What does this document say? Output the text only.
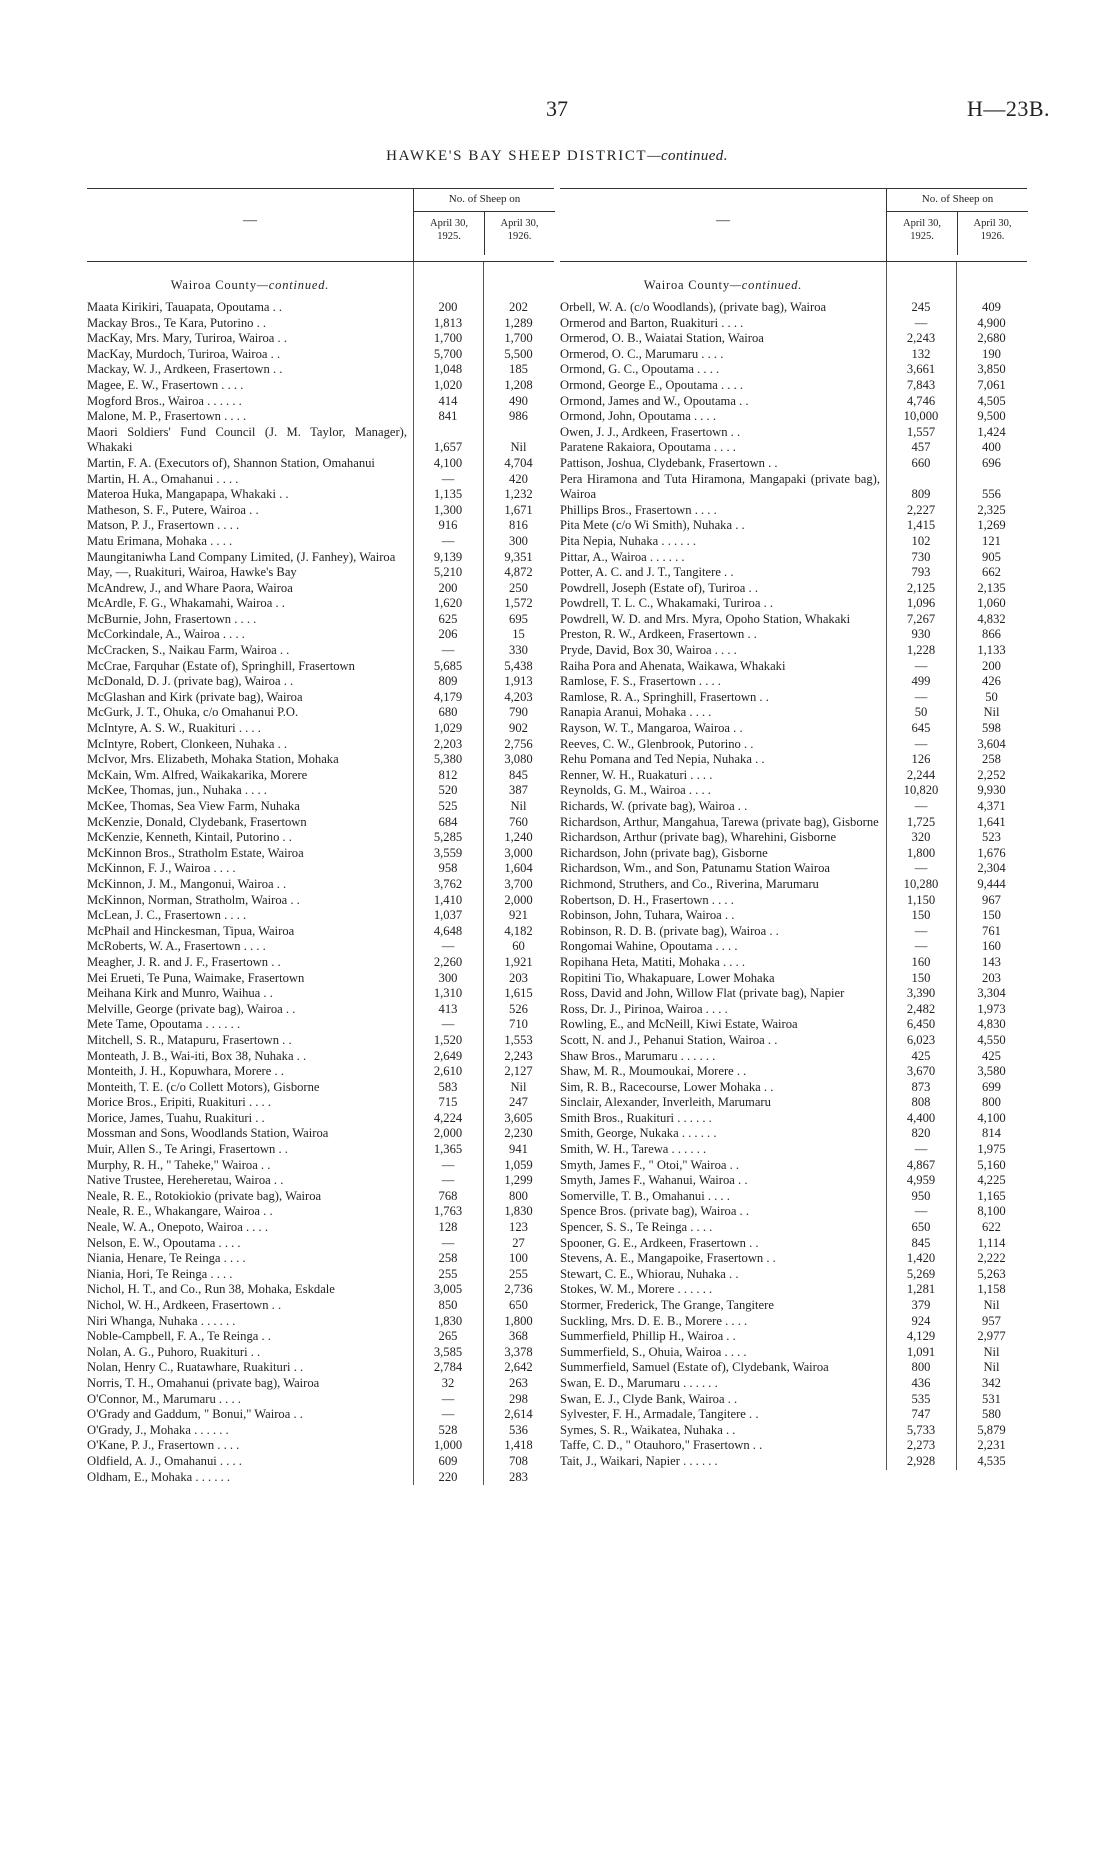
37	H—23B.
HAWKE'S BAY SHEEP DISTRICT—continued.
—
No. of Sheep on
April 30,
1925.
April 30,
1926.
Wairoa County—continued.
Maata Kirikiri, Tauapata, Opoutama . .	200	202
Mackay Bros., Te Kara, Putorino . .	1,813	1,289
MacKay, Mrs. Mary, Turiroa, Wairoa . .	1,700	1,700
MacKay, Murdoch, Turiroa, Wairoa . .	5,700	5,500
Mackay, W. J., Ardkeen, Frasertown . .	1,048	185
Magee, E. W., Frasertown . . . .	1,020	1,208
Mogford Bros., Wairoa . . . . . .	414	490
Malone, M. P., Frasertown . . . .	841	986
Maori Soldiers' Fund Council (J. M. Taylor, Manager), Whakaki	1,657	Nil
Martin, F. A. (Executors of), Shannon Station, Omahanui	4,100	4,704
Martin, H. A., Omahanui . . . .	—	420
Materoa Huka, Mangapapa, Whakaki . .	1,135	1,232
Matheson, S. F., Putere, Wairoa . .	1,300	1,671
Matson, P. J., Frasertown . . . .	916	816
Matu Erimana, Mohaka . . . .	—	300
Maungitaniwha Land Company Limited, (J. Fanhey), Wairoa	9,139	9,351
May, —, Ruakituri, Wairoa, Hawke's Bay	5,210	4,872
McAndrew, J., and Whare Paora, Wairoa	200	250
McArdle, F. G., Whakamahi, Wairoa . .	1,620	1,572
McBurnie, John, Frasertown . . . .	625	695
McCorkindale, A., Wairoa . . . .	206	15
McCracken, S., Naikau Farm, Wairoa . .	—	330
McCrae, Farquhar (Estate of), Springhill, Frasertown	5,685	5,438
McDonald, D. J. (private bag), Wairoa . .	809	1,913
McGlashan and Kirk (private bag), Wairoa	4,179	4,203
McGurk, J. T., Ohuka, c/o Omahanui P.O.	680	790
McIntyre, A. S. W., Ruakituri . . . .	1,029	902
McIntyre, Robert, Clonkeen, Nuhaka . .	2,203	2,756
McIvor, Mrs. Elizabeth, Mohaka Station, Mohaka	5,380	3,080
McKain, Wm. Alfred, Waikakarika, Morere	812	845
McKee, Thomas, jun., Nuhaka . . . .	520	387
McKee, Thomas, Sea View Farm, Nuhaka	525	Nil
McKenzie, Donald, Clydebank, Frasertown	684	760
McKenzie, Kenneth, Kintail, Putorino . .	5,285	1,240
McKinnon Bros., Stratholm Estate, Wairoa	3,559	3,000
McKinnon, F. J., Wairoa . . . .	958	1,604
McKinnon, J. M., Mangonui, Wairoa . .	3,762	3,700
McKinnon, Norman, Stratholm, Wairoa . .	1,410	2,000
McLean, J. C., Frasertown . . . .	1,037	921
McPhail and Hinckesman, Tipua, Wairoa	4,648	4,182
McRoberts, W. A., Frasertown . . . .	—	60
Meagher, J. R. and J. F., Frasertown . .	2,260	1,921
Mei Erueti, Te Puna, Waimake, Frasertown	300	203
Meihana Kirk and Munro, Waihua . .	1,310	1,615
Melville, George (private bag), Wairoa . .	413	526
Mete Tame, Opoutama . . . . . .	—	710
Mitchell, S. R., Matapuru, Frasertown . .	1,520	1,553
Monteath, J. B., Wai-iti, Box 38, Nuhaka . .	2,649	2,243
Monteith, J. H., Kopuwhara, Morere . .	2,610	2,127
Monteith, T. E. (c/o Collett Motors), Gisborne	583	Nil
Morice Bros., Eripiti, Ruakituri . . . .	715	247
Morice, James, Tuahu, Ruakituri . .	4,224	3,605
Mossman and Sons, Woodlands Station, Wairoa	2,000	2,230
Muir, Allen S., Te Aringi, Frasertown . .	1,365	941
Murphy, R. H., " Taheke," Wairoa . .	—	1,059
Native Trustee, Hereheretau, Wairoa . .	—	1,299
Neale, R. E., Rotokiokio (private bag), Wairoa	768	800
Neale, R. E., Whakangare, Wairoa . .	1,763	1,830
Neale, W. A., Onepoto, Wairoa . . . .	128	123
Nelson, E. W., Opoutama . . . .	—	27
Niania, Henare, Te Reinga . . . .	258	100
Niania, Hori, Te Reinga . . . .	255	255
Nichol, H. T., and Co., Run 38, Mohaka, Eskdale	3,005	2,736
Nichol, W. H., Ardkeen, Frasertown . .	850	650
Niri Whanga, Nuhaka . . . . . .	1,830	1,800
Noble-Campbell, F. A., Te Reinga . .	265	368
Nolan, A. G., Puhoro, Ruakituri . .	3,585	3,378
Nolan, Henry C., Ruatawhare, Ruakituri . .	2,784	2,642
Norris, T. H., Omahanui (private bag), Wairoa	32	263
O'Connor, M., Marumaru . . . .	—	298
O'Grady and Gaddum, " Bonui," Wairoa . .	—	2,614
O'Grady, J., Mohaka . . . . . .	528	536
O'Kane, P. J., Frasertown . . . .	1,000	1,418
Oldfield, A. J., Omahanui . . . .	609	708
Oldham, E., Mohaka . . . . . .	220	283
—
No. of Sheep on
April 30,
1925.
April 30,
1926.
Wairoa County—continued.
Orbell, W. A. (c/o Woodlands), (private bag), Wairoa	245	409
Ormerod and Barton, Ruakituri . . . .	—	4,900
Ormerod, O. B., Waiatai Station, Wairoa	2,243	2,680
Ormerod, O. C., Marumaru . . . .	132	190
Ormond, G. C., Opoutama . . . .	3,661	3,850
Ormond, George E., Opoutama . . . .	7,843	7,061
Ormond, James and W., Opoutama . .	4,746	4,505
Ormond, John, Opoutama . . . .	10,000	9,500
Owen, J. J., Ardkeen, Frasertown . .	1,557	1,424
Paratene Rakaiora, Opoutama . . . .	457	400
Pattison, Joshua, Clydebank, Frasertown . .	660	696
Pera Hiramona and Tuta Hiramona, Mangapaki (private bag), Wairoa	809	556
Phillips Bros., Frasertown . . . .	2,227	2,325
Pita Mete (c/o Wi Smith), Nuhaka . .	1,415	1,269
Pita Nepia, Nuhaka . . . . . .	102	121
Pittar, A., Wairoa . . . . . .	730	905
Potter, A. C. and J. T., Tangitere . .	793	662
Powdrell, Joseph (Estate of), Turiroa . .	2,125	2,135
Powdrell, T. L. C., Whakamaki, Turiroa . .	1,096	1,060
Powdrell, W. D. and Mrs. Myra, Opoho Station, Whakaki	7,267	4,832
Preston, R. W., Ardkeen, Frasertown . .	930	866
Pryde, David, Box 30, Wairoa . . . .	1,228	1,133
Raiha Pora and Ahenata, Waikawa, Whakaki	—	200
Ramlose, F. S., Frasertown . . . .	499	426
Ramlose, R. A., Springhill, Frasertown . .	—	50
Ranapia Aranui, Mohaka . . . .	50	Nil
Rayson, W. T., Mangaroa, Wairoa . .	645	598
Reeves, C. W., Glenbrook, Putorino . .	—	3,604
Rehu Pomana and Ted Nepia, Nuhaka . .	126	258
Renner, W. H., Ruakaturi . . . .	2,244	2,252
Reynolds, G. M., Wairoa . . . .	10,820	9,930
Richards, W. (private bag), Wairoa . .	—	4,371
Richardson, Arthur, Mangahua, Tarewa (private bag), Gisborne	1,725	1,641
Richardson, Arthur (private bag), Wharehini, Gisborne	320	523
Richardson, John (private bag), Gisborne	1,800	1,676
Richardson, Wm., and Son, Patunamu Station Wairoa	—	2,304
Richmond, Struthers, and Co., Riverina, Marumaru	10,280	9,444
Robertson, D. H., Frasertown . . . .	1,150	967
Robinson, John, Tuhara, Wairoa . .	150	150
Robinson, R. D. B. (private bag), Wairoa . .	—	761
Rongomai Wahine, Opoutama . . . .	—	160
Ropihana Heta, Matiti, Mohaka . . . .	160	143
Ropitini Tio, Whakapuare, Lower Mohaka	150	203
Ross, David and John, Willow Flat (private bag), Napier	3,390	3,304
Ross, Dr. J., Pirinoa, Wairoa . . . .	2,482	1,973
Rowling, E., and McNeill, Kiwi Estate, Wairoa	6,450	4,830
Scott, N. and J., Pehanui Station, Wairoa . .	6,023	4,550
Shaw Bros., Marumaru . . . . . .	425	425
Shaw, M. R., Moumoukai, Morere . .	3,670	3,580
Sim, R. B., Racecourse, Lower Mohaka . .	873	699
Sinclair, Alexander, Inverleith, Marumaru	808	800
Smith Bros., Ruakituri . . . . . .	4,400	4,100
Smith, George, Nukaka . . . . . .	820	814
Smith, W. H., Tarewa . . . . . .	—	1,975
Smyth, James F., " Otoi," Wairoa . .	4,867	5,160
Smyth, James F., Wahanui, Wairoa . .	4,959	4,225
Somerville, T. B., Omahanui . . . .	950	1,165
Spence Bros. (private bag), Wairoa . .	—	8,100
Spencer, S. S., Te Reinga . . . .	650	622
Spooner, G. E., Ardkeen, Frasertown . .	845	1,114
Stevens, A. E., Mangapoike, Frasertown . .	1,420	2,222
Stewart, C. E., Whiorau, Nuhaka . .	5,269	5,263
Stokes, W. M., Morere . . . . . .	1,281	1,158
Stormer, Frederick, The Grange, Tangitere	379	Nil
Suckling, Mrs. D. E. B., Morere . . . .	924	957
Summerfield, Phillip H., Wairoa . .	4,129	2,977
Summerfield, S., Ohuia, Wairoa . . . .	1,091	Nil
Summerfield, Samuel (Estate of), Clydebank, Wairoa	800	Nil
Swan, E. D., Marumaru . . . . . .	436	342
Swan, E. J., Clyde Bank, Wairoa . .	535	531
Sylvester, F. H., Armadale, Tangitere . .	747	580
Symes, S. R., Waikatea, Nuhaka . .	5,733	5,879
Taffe, C. D., " Otauhoro," Frasertown . .	2,273	2,231
Tait, J., Waikari, Napier . . . . . .	2,928	4,535
